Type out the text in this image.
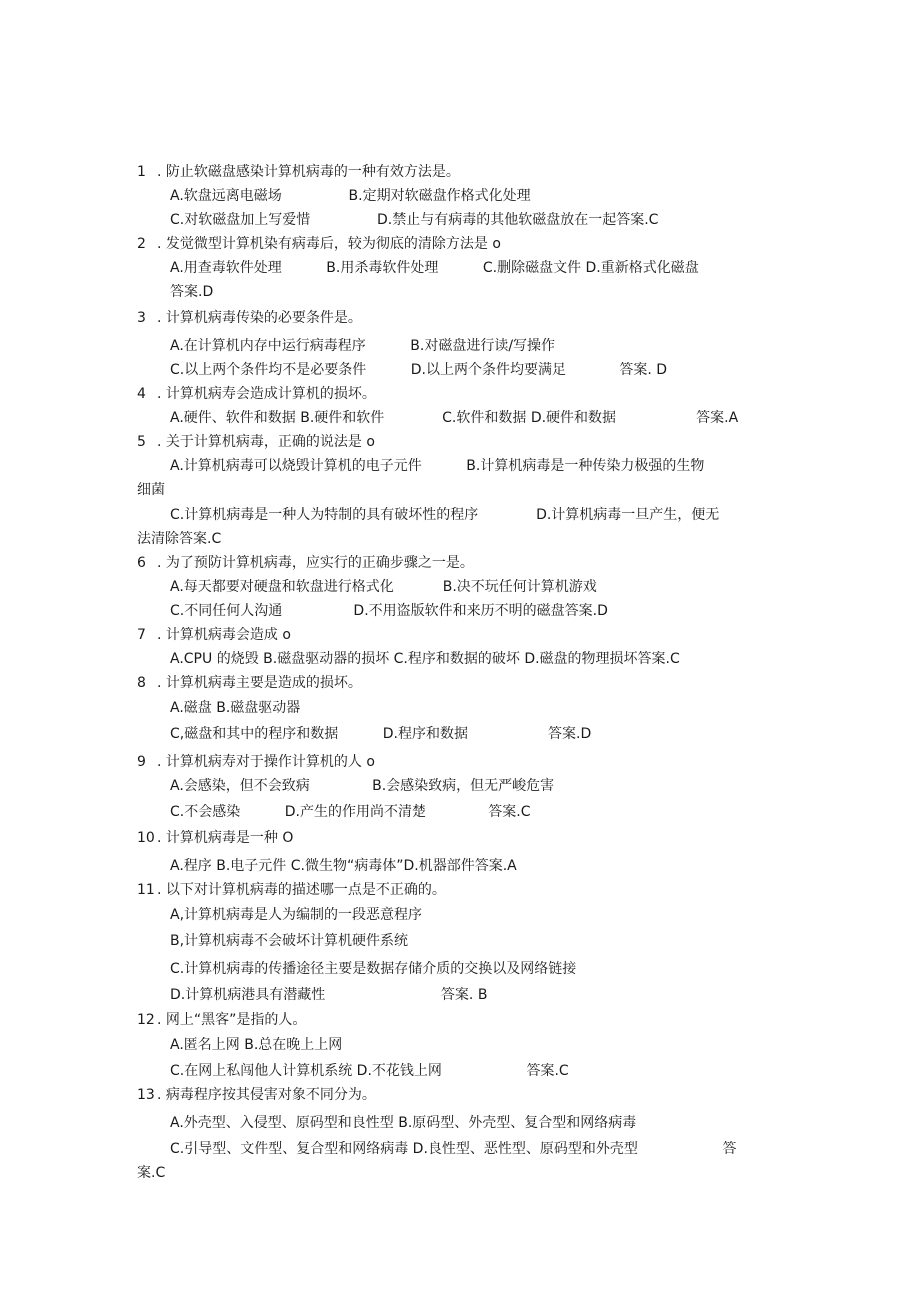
1 . 防止软磁盘感染计算机病毒的一种有效方法是。
A.软盘远离电磁场               B.定期对软磁盘作格式化处理
C.对软磁盘加上写爱惜               D.禁止与有病毒的其他软磁盘放在一起答案.C
2 . 发觉微型计算机染有病毒后，较为彻底的清除方法是 o
A.用查毒软件处理          B.用杀毒软件处理          C.删除磁盘文件 D.重新格式化磁盘
答案.D
3 . 计算机病毒传染的必要条件是。
A.在计算机内存中运行病毒程序          B.对磁盘进行读/写操作
C.以上两个条件均不是必要条件          D.以上两个条件均要满足            答案. D
4 . 计算机病寿会造成计算机的损坏。
A.硬件、软件和数据 B.硬件和软件             C.软件和数据 D.硬件和数据                  答案.A
5 . 关于计算机病毒，正确的说法是 o
A.计算机病毒可以烧毁计算机的电子元件          B.计算机病毒是一种传染力极强的生物
细菌
C.计算机病毒是一种人为特制的具有破坏性的程序             D.计算机病毒一旦产生，便无
法清除答案.C
6 . 为了预防计算机病毒，应实行的正确步骤之一是。
A.每天都要对硬盘和软盘进行格式化           B.决不玩任何计算机游戏
C.不同任何人沟通                D.不用盗版软件和来历不明的磁盘答案.D
7 . 计算机病毒会造成 o
A.CPU 的烧毁 B.磁盘驱动器的损坏 C.程序和数据的破坏 D.磁盘的物理损坏答案.C
8 . 计算机病毒主要是造成的损坏。
A.磁盘 B.磁盘驱动器
C,磁盘和其中的程序和数据          D.程序和数据                  答案.D
9 . 计算机病寿对于操作计算机的人 o
A.会感染，但不会致病              B.会感染致病，但无严峻危害
C.不会感染          D.产生的作用尚不清楚              答案.C
10 . 计算机病毒是一种 O
A.程序 B.电子元件 C.微生物“病毒体”D.机器部件答案.A
11 . 以下对计算机病毒的描述哪一点是不正确的。
A,计算机病毒是人为编制的一段恶意程序
B,计算机病毒不会破坏计算机硬件系统
C.计算机病毒的传播途径主要是数据存储介质的交换以及网络链接
D.计算机病港具有潜藏性                          答案. B
12 . 网上“黑客”是指的人。
A.匿名上网 B.总在晚上上网
C.在网上私闯他人计算机系统 D.不花钱上网                   答案.C
13 . 病毒程序按其侵害对象不同分为。
A.外壳型、入侵型、原码型和良性型 B.原码型、外壳型、复合型和网络病毒
C.引导型、文件型、复合型和网络病毒 D.良性型、恶性型、原码型和外壳型                   答
案.C
